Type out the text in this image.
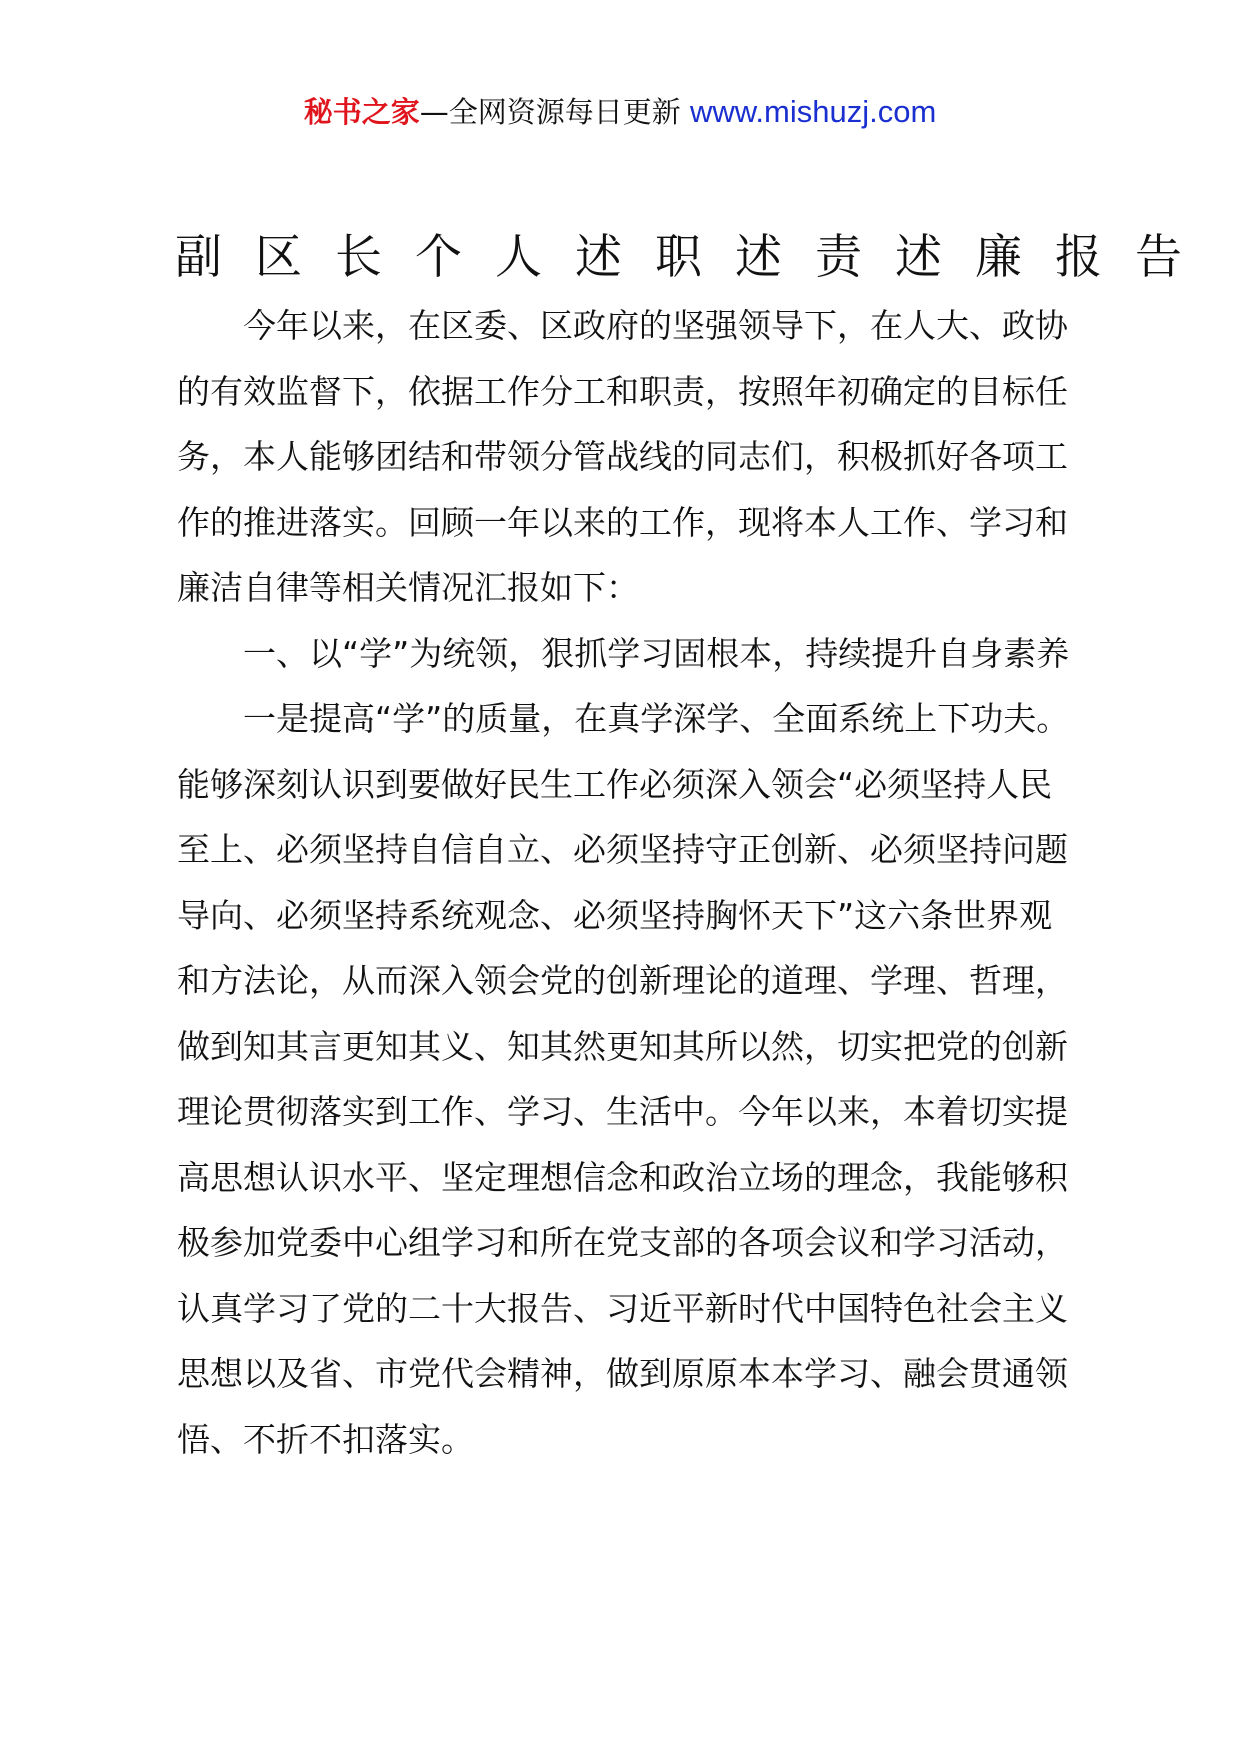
秘书之家—全网资源每日更新 www.mishuzj.com
副区长个人述职述责述廉报告

今年以来，在区委、区政府的坚强领导下，在人大、政协的有效监督下，依据工作分工和职责，按照年初确定的目标任务，本人能够团结和带领分管战线的同志们，积极抓好各项工作的推进落实。回顾一年以来的工作，现将本人工作、学习和廉洁自律等相关情况汇报如下：

一、以“学”为统领，狠抓学习固根本，持续提升自身素养

一是提高“学”的质量，在真学深学、全面系统上下功夫。能够深刻认识到要做好民生工作必须深入领会“必须坚持人民至上、必须坚持自信自立、必须坚持守正创新、必须坚持问题导向、必须坚持系统观念、必须坚持胸怀天下”这六条世界观和方法论，从而深入领会党的创新理论的道理、学理、哲理，做到知其言更知其义、知其然更知其所以然，切实把党的创新理论贯彻落实到工作、学习、生活中。今年以来，本着切实提高思想认识水平、坚定理想信念和政治立场的理念，我能够积极参加党委中心组学习和所在党支部的各项会议和学习活动，认真学习了党的二十大报告、习近平新时代中国特色社会主义思想以及省、市党代会精神，做到原原本本学习、融会贯通领悟、不折不扣落实。
